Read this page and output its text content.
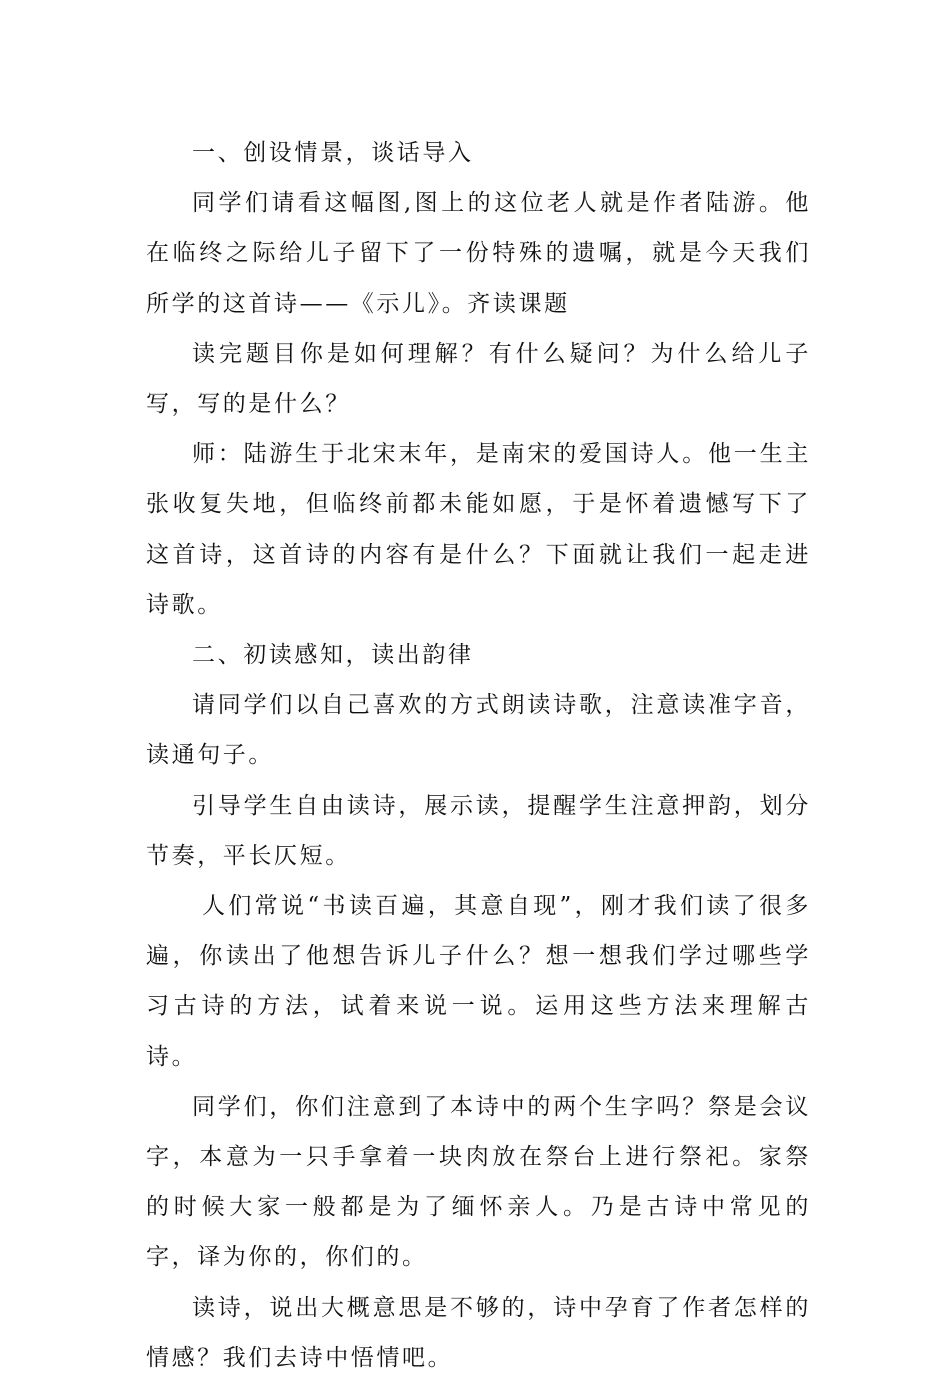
一、创设情景，谈话导入

同学们请看这幅图,图上的这位老人就是作者陆游。他在临终之际给儿子留下了一份特殊的遗嘱，就是今天我们所学的这首诗——《示儿》。齐读课题

读完题目你是如何理解？有什么疑问？为什么给儿子写，写的是什么？

师：陆游生于北宋末年，是南宋的爱国诗人。他一生主张收复失地，但临终前都未能如愿，于是怀着遗憾写下了这首诗，这首诗的内容有是什么？下面就让我们一起走进诗歌。

二、初读感知，读出韵律

请同学们以自己喜欢的方式朗读诗歌，注意读准字音，读通句子。

引导学生自由读诗，展示读，提醒学生注意押韵，划分节奏，平长仄短。

人们常说“书读百遍，其意自现”，刚才我们读了很多遍，你读出了他想告诉儿子什么？想一想我们学过哪些学习古诗的方法，试着来说一说。运用这些方法来理解古诗。

同学们，你们注意到了本诗中的两个生字吗？祭是会议字，本意为一只手拿着一块肉放在祭台上进行祭祀。家祭的时候大家一般都是为了缅怀亲人。乃是古诗中常见的字，译为你的，你们的。

读诗，说出大概意思是不够的，诗中孕育了作者怎样的情感？我们去诗中悟情吧。
